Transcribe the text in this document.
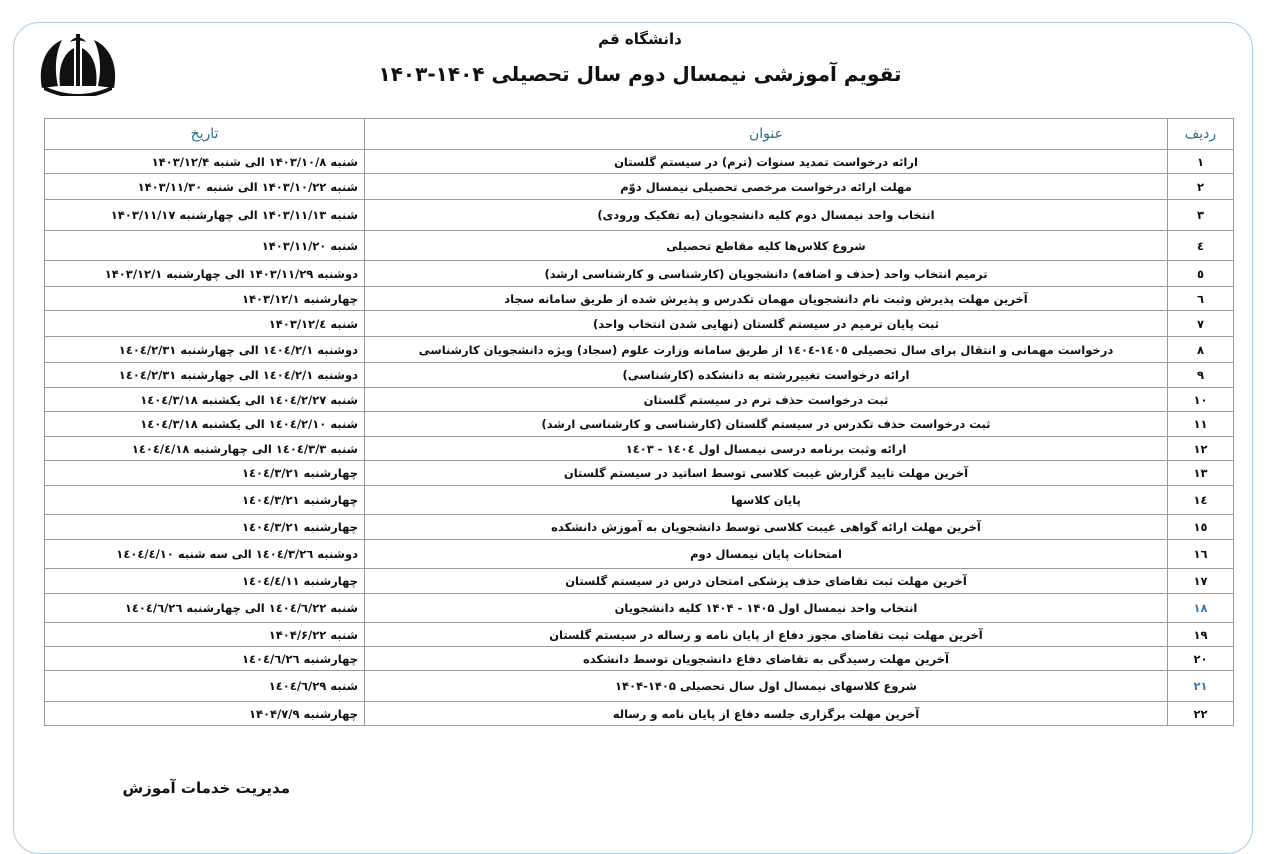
دانشگاه قم
تقویم آموزشی نیمسال دوم سال تحصیلی ۱۴۰۴-۱۴۰۳
ردیف	عنوان	تاریخ
۱	ارائه درخواست تمدید سنوات (ترم) در سیستم گلستان	شنبه ۱۴۰۳/۱۰/۸ الی شنبه ۱۴۰۳/۱۲/۴
۲	مهلت ارائه درخواست مرخصی تحصیلی نیمسال دوّم	شنبه ۱۴۰۳/۱۰/۲۲ الی شنبه ۱۴۰۳/۱۱/۳۰
۳	انتخاب واحد نیمسال دوم کلیه دانشجویان (به تفکیک ورودی)	شنبه ۱۴۰۳/۱۱/۱۳ الی چهارشنبه ۱۴۰۳/۱۱/۱۷
٤	شروع کلاس‌ها کلیه مقاطع تحصیلی	شنبه ۱۴۰۳/۱۱/۲۰
٥	ترمیم انتخاب واحد (حذف و اضافه) دانشجویان (کارشناسی و کارشناسی ارشد)	دوشنبه ۱۴۰۳/۱۱/۲۹ الی چهارشنبه ۱۴۰۳/۱۲/۱
٦	آخرین مهلت پذیرش وثبت نام دانشجویان مهمان تکدرس و پذیرش شده از طریق سامانه سجاد	چهارشنبه ۱۴۰۳/۱۲/۱
۷	ثبت پایان ترمیم در سیستم گلستان (نهایی شدن انتخاب واحد)	شنبه ۱۴۰۳/۱۲/٤
۸	درخواست مهمانی و انتقال برای سال تحصیلی ۱٤۰٥-۱٤۰٤ از طریق سامانه وزارت علوم (سجاد) ویژه دانشجویان کارشناسی	دوشنبه ۱٤۰٤/۲/۱ الی چهارشنبه ۱٤۰٤/۲/۳۱
۹	ارائه درخواست تغییررشته به دانشکده (کارشناسی)	دوشنبه ۱٤۰٤/۲/۱ الی چهارشنبه ۱٤۰٤/۲/۳۱
۱۰	ثبت درخواست حذف ترم در سیستم گلستان	شنبه ۱٤۰٤/۲/۲۷ الی یکشنبه ۱٤۰٤/۳/۱۸
۱۱	ثبت درخواست حذف تکدرس در سیستم گلستان (کارشناسی و کارشناسی ارشد)	شنبه ۱٤۰٤/۲/۱۰ الی یکشنبه ۱٤۰٤/۳/۱۸
۱۲	ارائه وثبت برنامه درسی نیمسال اول ۱٤۰٤ - ۱٤۰۳	شنبه ۱٤۰٤/۳/۳ الی چهارشنبه ۱٤۰٤/٤/۱۸
۱۳	آخرین مهلت تایید گزارش غیبت کلاسی توسط اساتید در سیستم گلستان	چهارشنبه ۱٤۰٤/۳/۲۱
۱٤	پایان کلاسها	چهارشنبه ۱٤۰٤/۳/۲۱
۱٥	آخرین مهلت ارائه گواهی غیبت کلاسی توسط دانشجویان به آموزش دانشکده	چهارشنبه ۱٤۰٤/۳/۲۱
۱٦	امتحانات پایان نیمسال دوم	دوشنبه ۱٤۰٤/۳/۲٦ الی سه شنبه ۱٤۰٤/٤/۱۰
۱۷	آخرین مهلت ثبت تقاضای حذف پزشکی امتحان درس در سیستم گلستان	چهارشنبه ۱٤۰٤/٤/۱۱
۱۸	انتخاب واحد نیمسال اول ۱۴۰۵ - ۱۴۰۴ کلیه دانشجویان	شنبه ۱٤۰٤/٦/۲۲ الی چهارشنبه ۱٤۰٤/٦/۲٦
۱۹	آخرین مهلت ثبت تقاضای مجوز دفاع از پایان نامه و رساله در سیستم گلستان	شنبه ۱۴۰۴/۶/۲۲
۲۰	آخرین مهلت رسیدگی به تقاضای دفاع دانشجویان توسط دانشکده	چهارشنبه ۱٤۰٤/٦/۲٦
۲۱	شروع کلاسهای نیمسال اول سال تحصیلی ۱۴۰۵-۱۴۰۴	شنبه ۱٤۰٤/٦/۲۹
۲۲	آخرین مهلت برگزاری جلسه دفاع از پایان نامه و رساله	چهارشنبه ۱۴۰۴/۷/۹
مدیریت خدمات آموزش
